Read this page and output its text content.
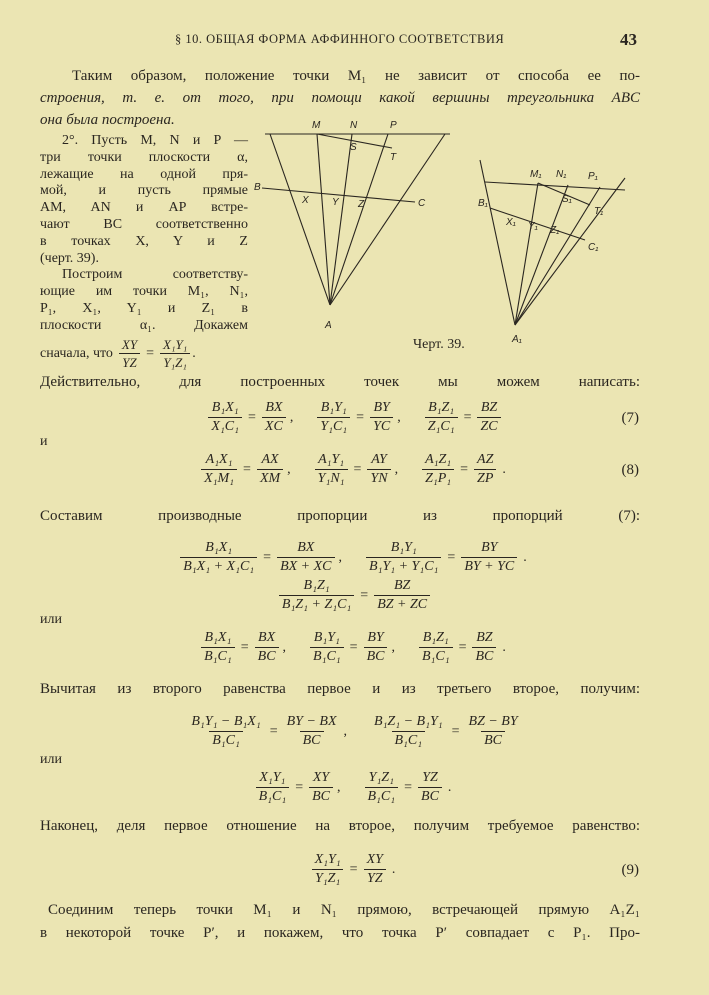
§ 10. ОБЩАЯ ФОРМА АФФИННОГО СООТВЕТСТВИЯ	43
Таким образом, положение точки M₁ не зависит от способа ее по-
строения, т. е. от того, при помощи какой вершины треугольника ABC
она была построена.
2°. Пусть M, N и P —
три точки плоскости α,
лежащие на одной пря-
мой, и пусть прямые
AM, AN и AP встре-
чают BC соответственно
в точках X, Y и Z
(черт. 39).
Построим соответству-
ющие им точки M₁, N₁,
P₁, X₁, Y₁ и Z₁ в
плоскости α₁. Докажем
сначала, что $\frac{XY}{YZ} = \frac{\text{X₁Y₁}}{\text{Y₁Z₁}}$ .
M	N	P
S
T
B
C
X Y Z
A
M₁ N₁ P₁
S₁
T₁
B₁
C₁
X₁ Y₁ Z₁
A₁
Черт. 39.
Действительно, для построенных точек мы можем написать:
и
Составим производные пропорции из пропорций (7):
или
Вычитая из второго равенства первое и из третьего второе, получим:
или
Наконец, деля первое отношение на второе, получим требуемое равенство:
Соединим теперь точки M₁ и N₁ прямою, встречающей прямую A₁Z₁
в некоторой точке P′, и покажем, что точка P′ совпадает с P₁. Про-
$\frac{\text{B₁X₁}}{\text{X₁C₁}} = \frac{BX}{XC}$ , $\frac{\text{B₁Y₁}}{\text{Y₁C₁}} = \frac{BY}{YC}$ , $\frac{\text{B₁Z₁}}{\text{Z₁C₁}} = \frac{BZ}{ZC}$	(7)
$\frac{\text{A₁X₁}}{\text{X₁M₁}} = \frac{AX}{XM}$ , $\frac{\text{A₁Y₁}}{\text{Y₁N₁}} = \frac{AY}{YN}$ , $\frac{\text{A₁Z₁}}{\text{Z₁P₁}} = \frac{AZ}{ZP}$ .	(8)
$\frac{\text{B₁X₁}}{\text{B₁X₁ + X₁C₁}} = \frac{BX}{BX + XC}$ , $\frac{\text{B₁Y₁}}{\text{B₁Y₁ + Y₁C₁}} = \frac{BY}{BY + YC}$ .
$\frac{\text{B₁Z₁}}{\text{B₁Z₁ + Z₁C₁}} = \frac{BZ}{BZ + ZC}$
$\frac{\text{B₁X₁}}{\text{B₁C₁}} = \frac{BX}{BC}$ , $\frac{\text{B₁Y₁}}{\text{B₁C₁}} = \frac{BY}{BC}$ , $\frac{\text{B₁Z₁}}{\text{B₁C₁}} = \frac{BZ}{BC}$ .
$\frac{\text{B₁Y₁ − B₁X₁}}{\text{B₁C₁}} = \frac{BY - BX}{BC}$ , $\frac{\text{B₁Z₁ − B₁Y₁}}{\text{B₁C₁}} = \frac{BZ - BY}{BC}$
$\frac{\text{X₁Y₁}}{\text{B₁C₁}} = \frac{XY}{BC}$ , $\frac{\text{Y₁Z₁}}{\text{B₁C₁}} = \frac{YZ}{BC}$ .
$\frac{\text{X₁Y₁}}{\text{Y₁Z₁}} = \frac{XY}{YZ}$ .	(9)
